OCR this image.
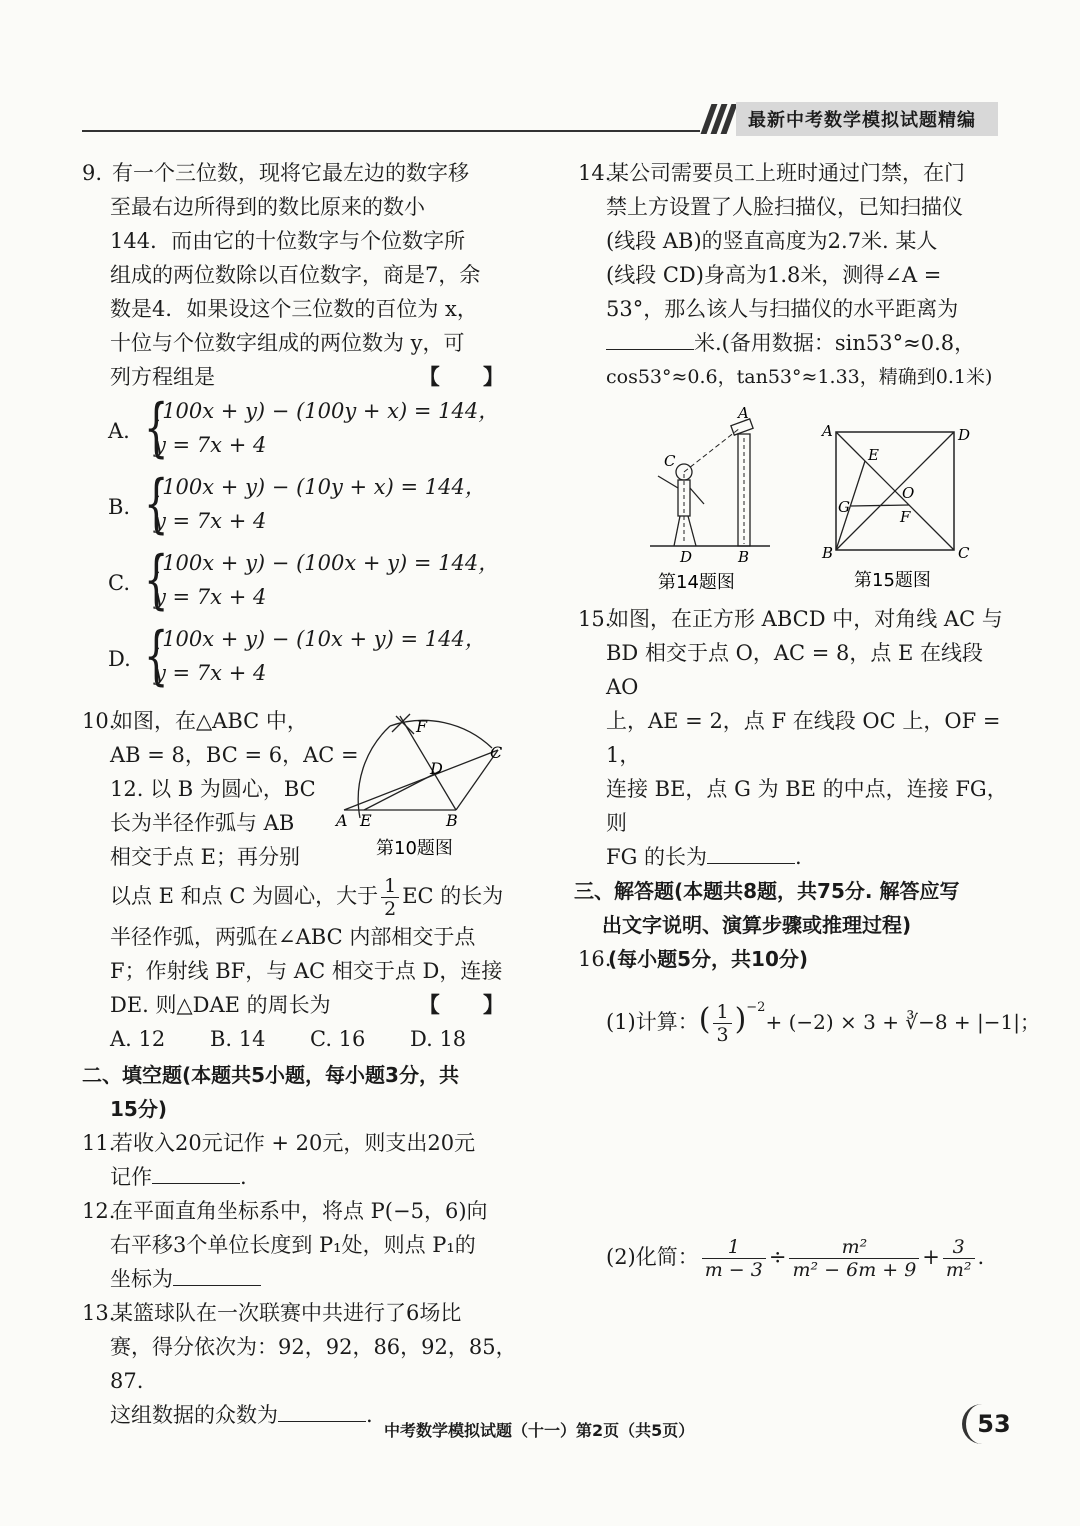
最新中考数学模拟试题精编
9. 有一个三位数，现将它最左边的数字移
至最右边所得到的数比原来的数小
144．而由它的十位数字与个位数字所
组成的两位数除以百位数字，商是7，余
数是4．如果设这个三位数的百位为 x，
十位与个位数字组成的两位数为 y，可
列方程组是	【 】
A. {
(100x + y) − (100y + x) = 144，
y = 7x + 4
B. {
(100x + y) − (10y + x) = 144，
y = 7x + 4
C. {
(100x + y) − (100x + y) = 144，
y = 7x + 4
D. {
(100x + y) − (10x + y) = 144，
y = 7x + 4
10.如图，在△ABC 中，
AB = 8，BC = 6，AC =
12. 以 B 为圆心，BC
长为半径作弧与 AB
相交于点 E；再分别
以点 E 和点 C 为圆心，大于 $\frac{1}{2}$ EC 的长为
半径作弧，两弧在∠ABC 内部相交于点
F；作射线 BF，与 AC 相交于点 D，连接
DE. 则△DAE 的周长为	【 】
A. 12 B. 14 C. 16 D. 18
二、填空题(本题共5小题，每小题3分，共
15分)
11.若收入20元记作 + 20元，则支出20元
记作	.
12.在平面直角坐标系中，将点 P(−5，6)向
右平移3个单位长度到 P₁处，则点 P₁的
坐标为
13.某篮球队在一次联赛中共进行了6场比
赛，得分依次为：92，92，86，92，85，87.
这组数据的众数为	.
F
C
D
A E	B
第10题图
14.某公司需要员工上班时通过门禁，在门
禁上方设置了人脸扫描仪，已知扫描仪
(线段 AB)的竖直高度为2.7米. 某人
(线段 CD)身高为1.8米，测得∠A =
53°，那么该人与扫描仪的水平距离为
米.(备用数据：sin53°≈0.8，
cos53°≈0.6，tan53°≈1.33，精确到0.1米)
15.如图，在正方形 ABCD 中，对角线 AC 与
BD 相交于点 O，AC = 8，点 E 在线段 AO
上，AE = 2，点 F 在线段 OC 上，OF = 1，
连接 BE，点 G 为 BE 的中点，连接 FG，则
FG 的长为	.
三、解答题(本题共8题，共75分. 解答应写
出文字说明、演算步骤或推理过程)
16.(每小题5分，共10分)
(1)计算：( $\frac{1}{3} )^{-2}+ (-2) \times 3$ + ∛−8 + |−1|；
(2)化简： $\frac{1}{m - 3} \div \frac{\text{m²}}{\text{m² − 6m + 9}} + \frac{3}{\text{m²}}$ .
A
C
D	B
第14题图
A	D
E
G
O
F
B	C
第15题图
中考数学模拟试题（十一）第2页（共5页）	53
